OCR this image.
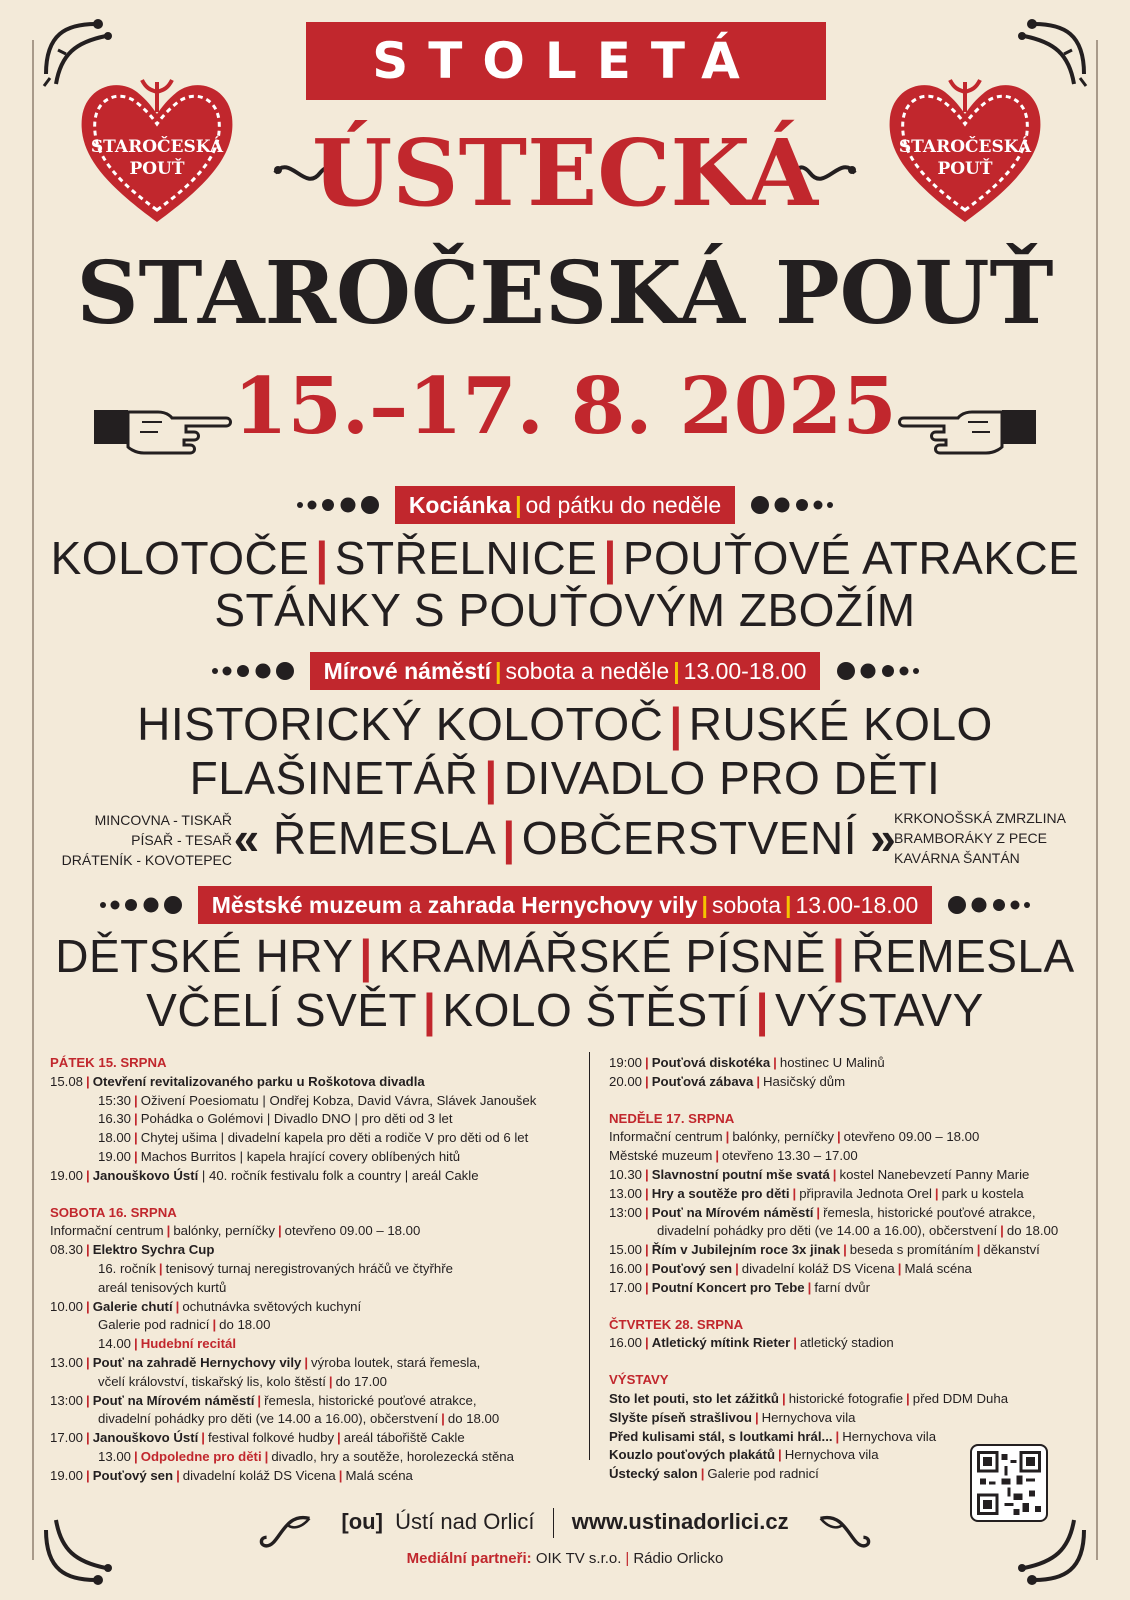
STOLETÁ
STAROČESKÁ
POUŤ
STAROČESKÁ
POUŤ
ÚSTECKÁ
STAROČESKÁ POUŤ
15.–17. 8. 2025
Kociánka | od pátku do neděle
KOLOTOČE | STŘELNICE | POUŤOVÉ ATRAKCE
STÁNKY S POUŤOVÝM ZBOŽÍM
Mírové náměstí | sobota a neděle | 13.00-18.00
HISTORICKÝ KOLOTOČ | RUSKÉ KOLO
FLAŠINETÁŘ | DIVADLO PRO DĚTI
« ŘEMESLA | OBČERSTVENÍ »
MINCOVNA - TISKAŘ
PÍSAŘ - TESAŘ
DRÁTENÍK - KOVOTEPEC
KRKONOŠSKÁ ZMRZLINA
BRAMBORÁKY Z PECE
KAVÁRNA ŠANTÁN
Městské muzeum a zahrada Hernychovy vily | sobota | 13.00-18.00
DĚTSKÉ HRY | KRAMÁŘSKÉ PÍSNĚ | ŘEMESLA
VČELÍ SVĚT | KOLO ŠTĚSTÍ | VÝSTAVY
PÁTEK 15. SRPNA
15.08 | Otevření revitalizovaného parku u Roškotova divadla
15:30 | Oživení Poesiomatu | Ondřej Kobza, David Vávra, Slávek Janoušek
16.30 | Pohádka o Golémovi | Divadlo DNO | pro děti od 3 let
18.00 | Chytej ušima | divadelní kapela pro děti a rodiče V pro děti od 6 let
19.00 | Machos Burritos | kapela hrající covery oblíbených hitů
19.00 | Janouškovo Ústí | 40. ročník festivalu folk a country | areál Cakle
SOBOTA 16. SRPNA
Informační centrum | balónky, perníčky | otevřeno 09.00 – 18.00
08.30 | Elektro Sychra Cup
16. ročník | tenisový turnaj neregistrovaných hráčů ve čtyřhře
areál tenisových kurtů
10.00 | Galerie chutí | ochutnávka světových kuchyní
Galerie pod radnicí | do 18.00
14.00 | Hudební recitál
13.00 | Pouť na zahradě Hernychovy vily | výroba loutek, stará řemesla,
včelí království, tiskařský lis, kolo štěstí | do 17.00
13:00 | Pouť na Mírovém náměstí | řemesla, historické pouťové atrakce,
divadelní pohádky pro děti (ve 14.00 a 16.00), občerstvení | do 18.00
17.00 | Janouškovo Ústí | festival folkové hudby | areál tábořiště Cakle
13.00 | Odpoledne pro děti | divadlo, hry a soutěže, horolezecká stěna
19.00 | Pouťový sen | divadelní koláž DS Vicena | Malá scéna
19:00 | Pouťová diskotéka | hostinec U Malinů
20.00 | Pouťová zábava | Hasičský dům
NEDĚLE 17. SRPNA
Informační centrum | balónky, perníčky | otevřeno 09.00 – 18.00
Městské muzeum | otevřeno 13.30 – 17.00
10.30 | Slavnostní poutní mše svatá | kostel Nanebevzetí Panny Marie
13.00 | Hry a soutěže pro děti | připravila Jednota Orel | park u kostela
13:00 | Pouť na Mírovém náměstí | řemesla, historické pouťové atrakce,
divadelní pohádky pro děti (ve 14.00 a 16.00), občerstvení | do 18.00
15.00 | Řím v Jubilejním roce 3x jinak | beseda s promítáním | děkanství
16.00 | Pouťový sen | divadelní koláž DS Vicena | Malá scéna
17.00 | Poutní Koncert pro Tebe | farní dvůr
ČTVRTEK 28. SRPNA
16.00 | Atletický mítink Rieter | atletický stadion
VÝSTAVY
Sto let pouti, sto let zážitků | historické fotografie | před DDM Duha
Slyšte píseň strašlivou | Hernychova vila
Před kulisami stál, s loutkami hrál... | Hernychova vila
Kouzlo pouťových plakátů | Hernychova vila
Ústecký salon | Galerie pod radnicí
[ou] Ústí nad Orlicí www.ustinadorlici.cz
Mediální partneři: OIK TV s.r.o. | Rádio Orlicko
